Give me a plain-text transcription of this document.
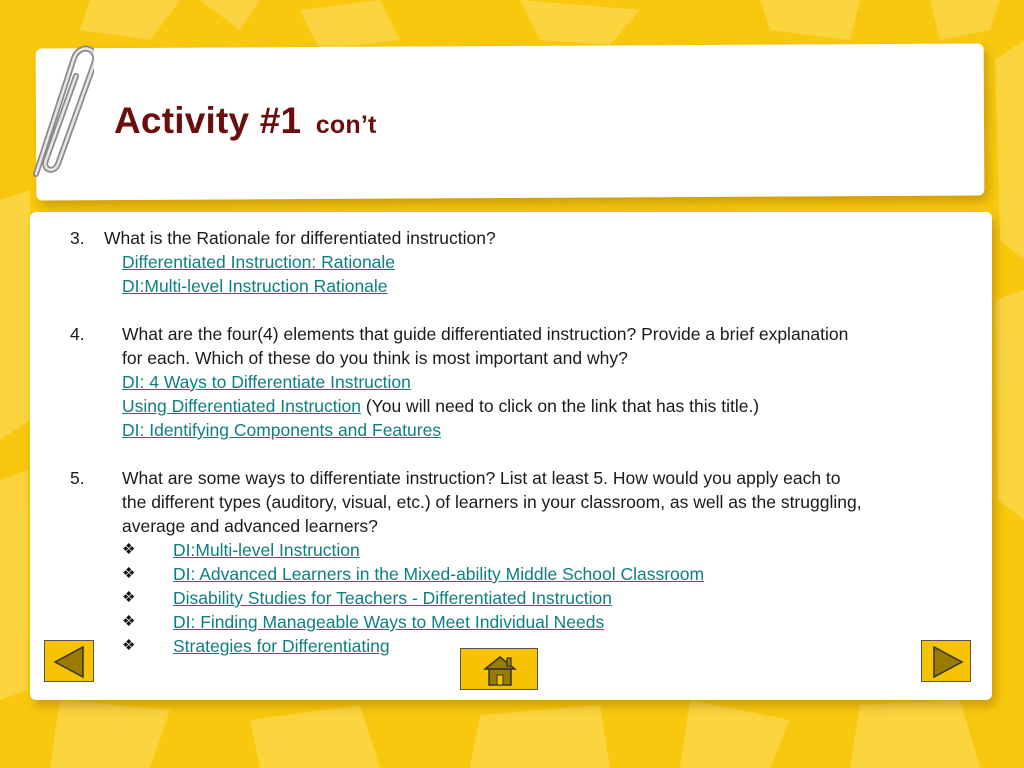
Activity #1 con’t
3. What is the Rationale for differentiated instruction?
Differentiated Instruction: Rationale
DI:Multi-level Instruction Rationale
4. What are the four(4) elements that guide differentiated instruction? Provide a brief explanation
for each. Which of these do you think is most important and why?
DI: 4 Ways to Differentiate Instruction
Using Differentiated Instruction (You will need to click on the link that has this title.)
DI: Identifying Components and Features
5. What are some ways to differentiate instruction? List at least 5. How would you apply each to
the different types (auditory, visual, etc.) of learners in your classroom, as well as the struggling,
average and advanced learners?
❖ DI:Multi-level Instruction
❖ DI: Advanced Learners in the Mixed-ability Middle School Classroom
❖ Disability Studies for Teachers - Differentiated Instruction
❖ DI: Finding Manageable Ways to Meet Individual Needs
❖ Strategies for Differentiating
